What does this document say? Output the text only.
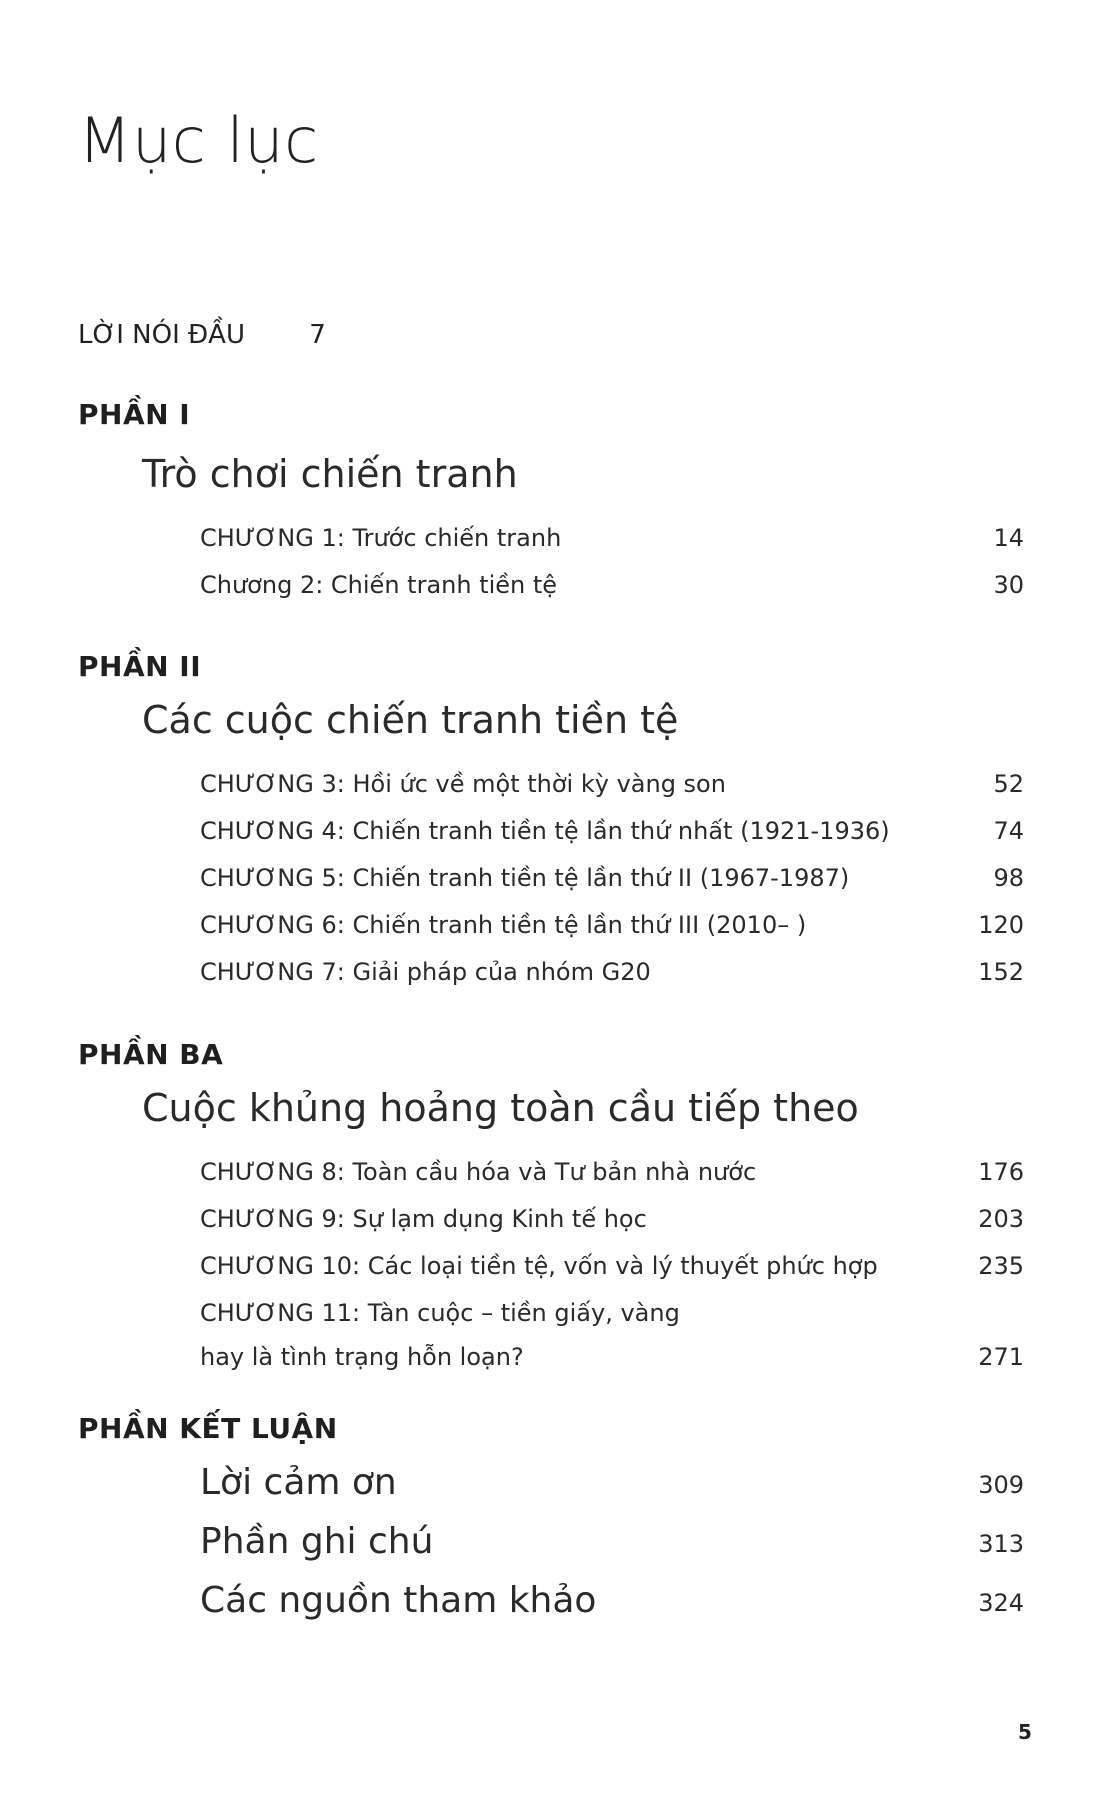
Mục lục
LỜI NÓI ĐẦU 7
PHẦN I
Trò chơi chiến tranh
CHƯƠNG 1: Trước chiến tranh	14
Chương 2: Chiến tranh tiền tệ	30
PHẦN II
Các cuộc chiến tranh tiền tệ
CHƯƠNG 3: Hồi ức về một thời kỳ vàng son	52
CHƯƠNG 4: Chiến tranh tiền tệ lần thứ nhất (1921-1936)	74
CHƯƠNG 5: Chiến tranh tiền tệ lần thứ II (1967-1987)	98
CHƯƠNG 6: Chiến tranh tiền tệ lần thứ III (2010– )	120
CHƯƠNG 7: Giải pháp của nhóm G20	152
PHẦN BA
Cuộc khủng hoảng toàn cầu tiếp theo
CHƯƠNG 8: Toàn cầu hóa và Tư bản nhà nước	176
CHƯƠNG 9: Sự lạm dụng Kinh tế học	203
CHƯƠNG 10: Các loại tiền tệ, vốn và lý thuyết phức hợp	235
CHƯƠNG 11: Tàn cuộc – tiền giấy, vàng
hay là tình trạng hỗn loạn?	271
PHẦN KẾT LUẬN
Lời cảm ơn	309
Phần ghi chú	313
Các nguồn tham khảo	324
5
